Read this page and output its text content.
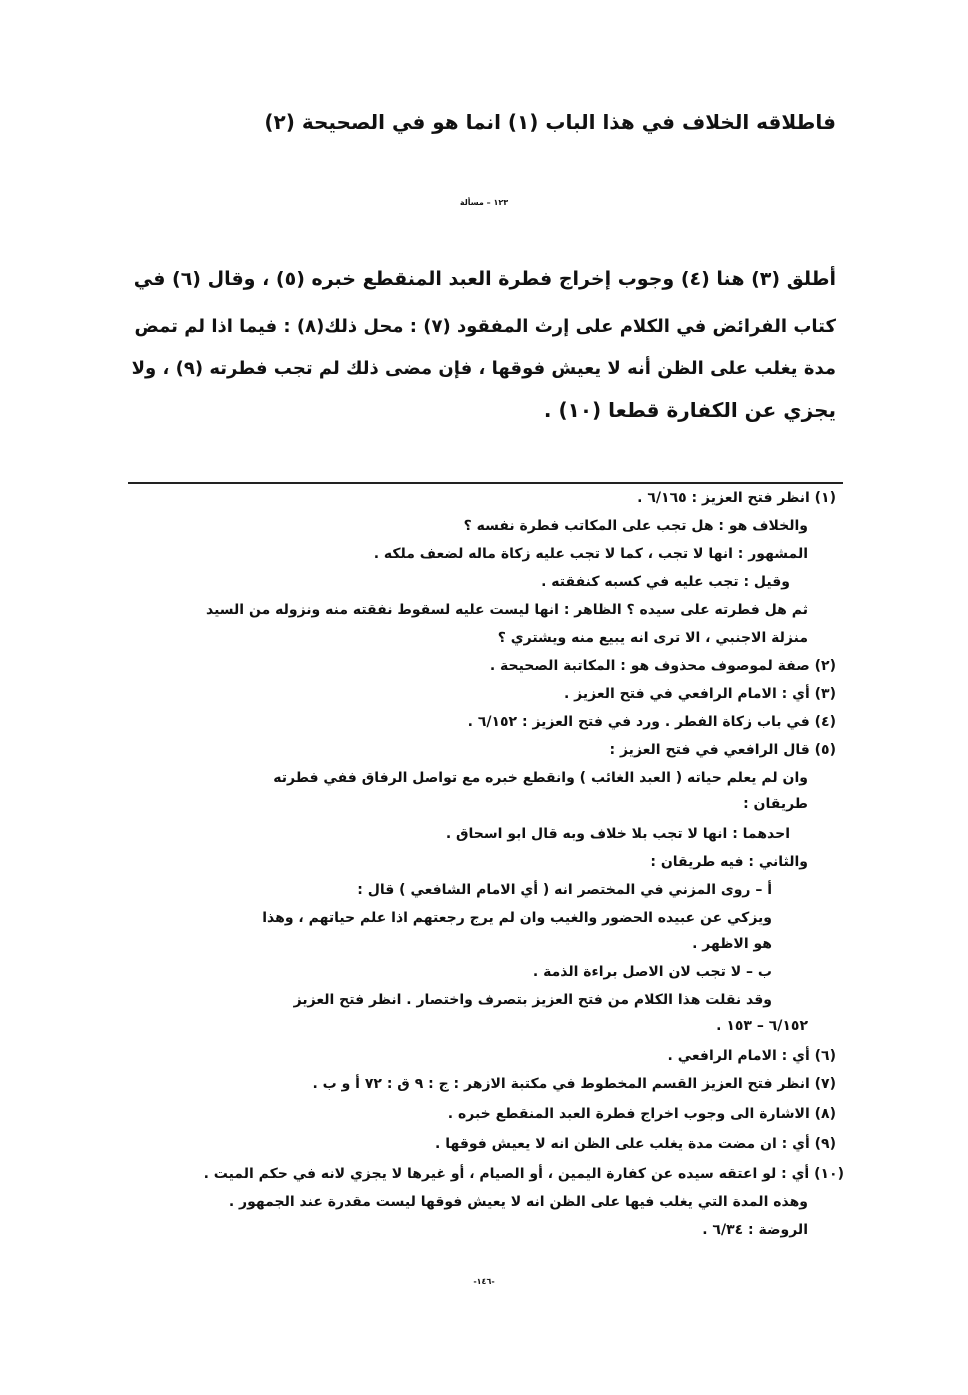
فاطلاقه الخلاف في هذا الباب (١) انما هو في الصحيحة (٢)
١٢٣ – مسألة
أطلق (٣) هنا (٤) وجوب إخراج فطرة العبد المنقطع خبره (٥) ، وقال (٦) في
كتاب الفرائض في الكلام على إرث المفقود (٧) : محل ذلك(٨) : فيما اذا لم تمض
مدة يغلب على الظن أنه لا يعيش فوقها ، فإن مضى ذلك لم تجب فطرته (٩) ، ولا
يجزي عن الكفارة قطعا (١٠) .
(١) انظر فتح العزيز : ٦/١٦٥ .
والخلاف هو : هل تجب على المكاتب فطرة نفسه ؟
المشهور : انها لا تجب ، كما لا تجب عليه زكاة ماله لضعف ملكه .
وقيل : تجب عليه في كسبه كنفقته .
ثم هل فطرته على سيده ؟ الظاهر : انها ليست عليه لسقوط نفقته منه ونزوله من السيد
منزلة الاجنبي ، الا ترى انه يبيع منه ويشتري ؟
(٢) صفة لموصوف محذوف هو : المكاتبة الصحيحة .
(٣) أي : الامام الرافعي في فتح العزيز .
(٤) في باب زكاة الفطر . ورد في فتح العزيز : ٦/١٥٢ .
(٥) قال الرافعي في فتح العزيز :
وان لم يعلم حياته ( العبد الغائب ) وانقطع خبره مع تواصل الرفاق ففي فطرته
طريقان :
احدهما : انها لا تجب بلا خلاف وبه قال ابو اسحاق .
والثاني : فيه طريقان :
أ – روى المزني في المختصر انه ( أي الامام الشافعي ) قال :
ويزكي عن عبيده الحضور والغيب وان لم يرج رجعتهم اذا علم حياتهم ، وهذا
هو الاظهر .
ب – لا تجب لان الاصل براءة الذمة .
وقد نقلت هذا الكلام من فتح العزيز بتصرف واختصار . انظر فتح العزيز
٦/١٥٢ – ١٥٣ .
(٦) أي : الامام الرافعي .
(٧) انظر فتح العزيز القسم المخطوط في مكتبة الازهر : ج : ٩ ق : ٧٢ أ و ب .
(٨) الاشارة الى وجوب اخراج فطرة العبد المنقطع خبره .
(٩) أي : ان مضت مدة يغلب على الظن انه لا يعيش فوقها .
(١٠) أي : لو اعتقه سيده عن كفارة اليمين ، أو الصيام ، أو غيرها لا يجزي لانه في حكم الميت .
وهذه المدة التي يغلب فيها على الظن انه لا يعيش فوقها ليست مقدرة عند الجمهور .
الروضة : ٦/٣٤ .
-١٤٦-
